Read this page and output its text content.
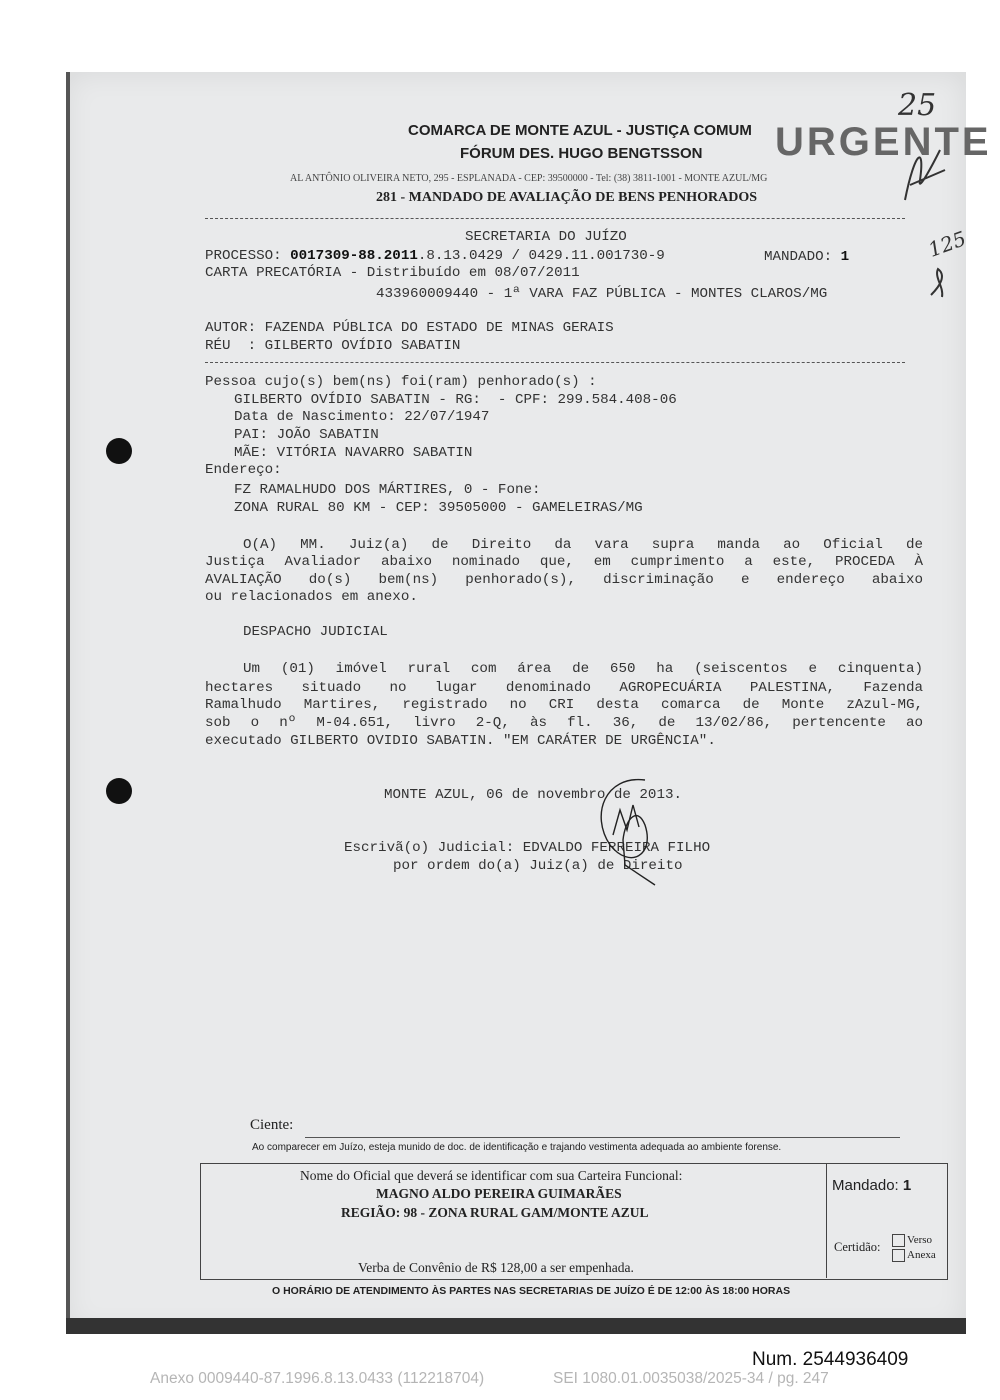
COMARCA DE MONTE AZUL - JUSTIÇA COMUM
FÓRUM DES. HUGO BENGTSSON URGENTE
AL ANTÔNIO OLIVEIRA NETO, 295 - ESPLANADA - CEP: 39500000 - Tel: (38) 3811-1001 - MONTE AZUL/MG
281 - MANDADO DE AVALIAÇÃO DE BENS PENHORADOS
25
125
SECRETARIA DO JUÍZO
PROCESSO: 0017309-88.2011.8.13.0429 / 0429.11.001730-9	MANDADO: 1
CARTA PRECATÓRIA - Distribuído em 08/07/2011
433960009440 - 1ª VARA FAZ PÚBLICA - MONTES CLAROS/MG
AUTOR: FAZENDA PÚBLICA DO ESTADO DE MINAS GERAIS
RÉU  : GILBERTO OVÍDIO SABATIN
Pessoa cujo(s) bem(ns) foi(ram) penhorado(s) :
GILBERTO OVÍDIO SABATIN - RG:  - CPF: 299.584.408-06
Data de Nascimento: 22/07/1947
PAI: JOÃO SABATIN
MÃE: VITÓRIA NAVARRO SABATIN
Endereço:
FZ RAMALHUDO DOS MÁRTIRES, 0 - Fone:
ZONA RURAL 80 KM - CEP: 39505000 - GAMELEIRAS/MG
O(A) MM. Juiz(a) de Direito da vara supra manda ao Oficial de
Justiça Avaliador abaixo nominado que, em cumprimento a este, PROCEDA À
AVALIAÇÃO do(s) bem(ns) penhorado(s), discriminação e endereço abaixo
ou relacionados em anexo.
DESPACHO JUDICIAL
Um (01) imóvel rural com área de 650 ha (seiscentos e cinquenta)
hectares situado no lugar denominado AGROPECUÁRIA PALESTINA, Fazenda
Ramalhudo Martires, registrado no CRI desta comarca de Monte zAzul-MG,
sob o nº M-04.651, livro 2-Q, às fl. 36, de 13/02/86, pertencente ao
executado GILBERTO OVIDIO SABATIN. "EM CARÁTER DE URGÊNCIA".
MONTE AZUL, 06 de novembro de 2013.
Escrivã(o) Judicial: EDVALDO FERREIRA FILHO
por ordem do(a) Juiz(a) de Direito
Ciente:
Ao comparecer em Juízo, esteja munido de doc. de identificação e trajando vestimenta adequada ao ambiente forense.
Nome do Oficial que deverá se identificar com sua Carteira Funcional:
MAGNO ALDO PEREIRA GUIMARÃES
REGIÃO: 98 - ZONA RURAL GAM/MONTE AZUL
Verba de Convênio de R$ 128,00 a ser empenhada.
Mandado: 1
Certidão:	Verso
Anexa
O HORÁRIO DE ATENDIMENTO ÀS PARTES NAS SECRETARIAS DE JUÍZO É DE 12:00 ÀS 18:00 HORAS
Num. 2544936409
Anexo 0009440-87.1996.8.13.0433 (112218704)	SEI 1080.01.0035038/2025-34 / pg. 247
